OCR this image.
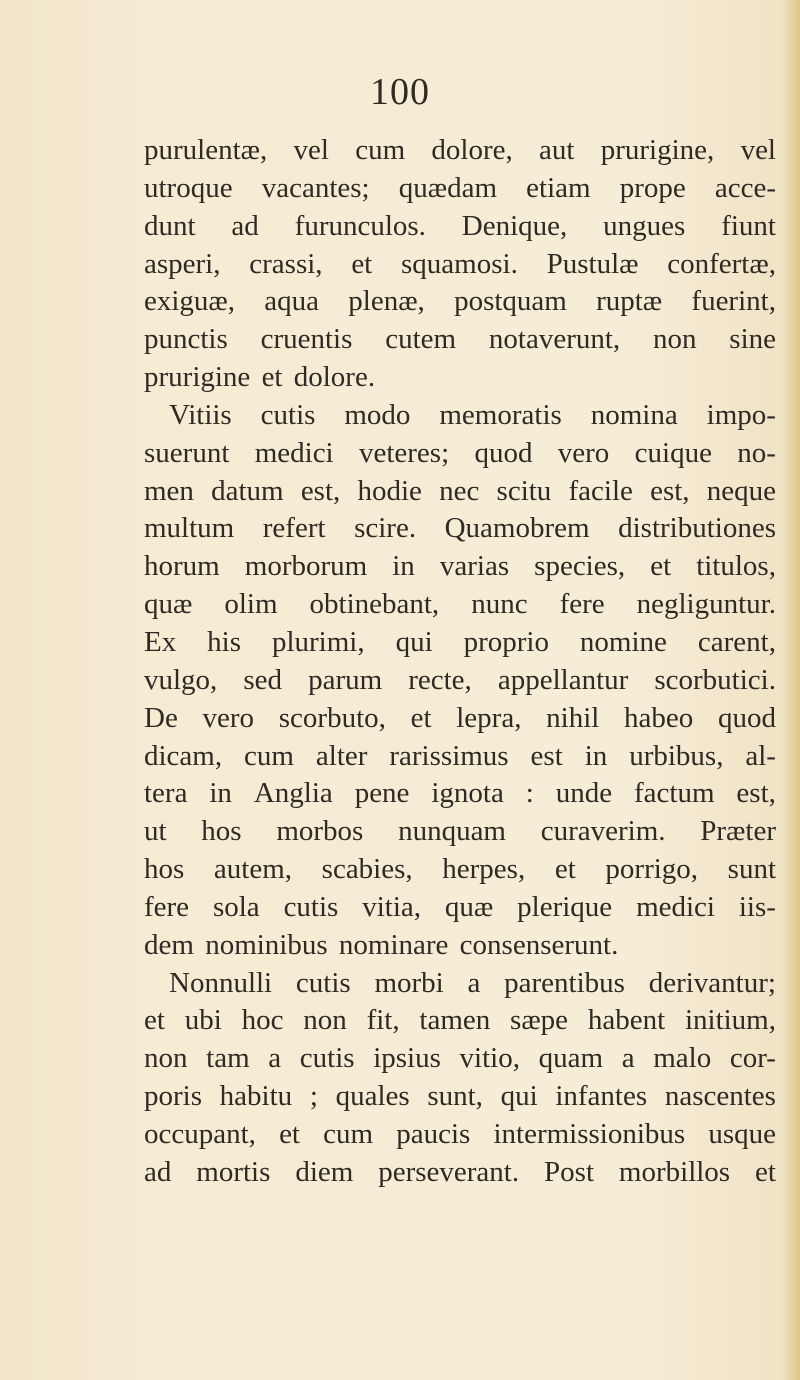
100
purulentæ, vel cum dolore, aut prurigine, vel
utroque vacantes; quædam etiam prope acce-
dunt ad furunculos. Denique, ungues fiunt
asperi, crassi, et squamosi. Pustulæ confertæ,
exiguæ, aqua plenæ, postquam ruptæ fuerint,
punctis cruentis cutem notaverunt, non sine
prurigine
et
dolore.
Vitiis cutis modo memoratis nomina impo-
suerunt medici veteres; quod vero cuique no-
men datum est, hodie nec scitu facile est, neque
multum refert scire. Quamobrem distributiones
horum morborum in varias species, et titulos,
quæ olim obtinebant, nunc fere negliguntur.
Ex his plurimi, qui proprio nomine carent,
vulgo, sed parum recte, appellantur scorbutici.
De vero scorbuto, et lepra, nihil habeo quod
dicam, cum alter rarissimus est in urbibus, al-
tera in Anglia pene ignota : unde factum est,
ut hos morbos nunquam curaverim. Præter
hos autem, scabies, herpes, et porrigo, sunt
fere sola cutis vitia, quæ plerique medici iis-
dem
nominibus
nominare
consenserunt.
Nonnulli cutis morbi a parentibus derivantur;
et ubi hoc non fit, tamen sæpe habent initium,
non tam a cutis ipsius vitio, quam a malo cor-
poris habitu ; quales sunt, qui infantes nascentes
occupant, et cum paucis intermissionibus usque
ad mortis diem perseverant. Post morbillos et
